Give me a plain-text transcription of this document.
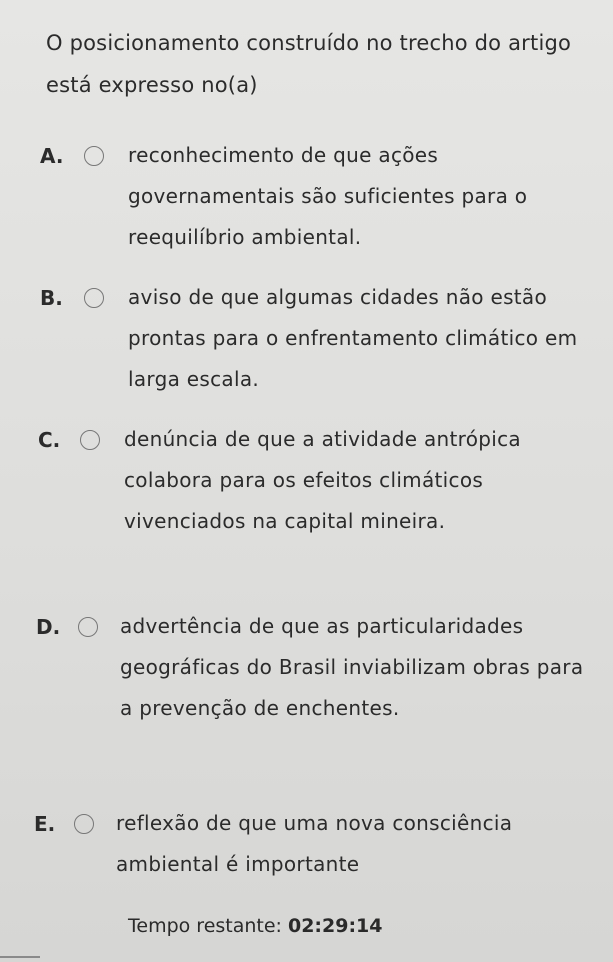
O posicionamento construído no trecho do artigo está expresso no(a)
A.	reconhecimento de que ações governamentais são suficientes para o reequilíbrio ambiental.
B.	aviso de que algumas cidades não estão prontas para o enfrentamento climático em larga escala.
C.	denúncia de que a atividade antrópica colabora para os efeitos climáticos vivenciados na capital mineira.
D.	advertência de que as particularidades geográficas do Brasil inviabilizam obras para a prevenção de enchentes.
E.	reflexão de que uma nova consciência ambiental é importante
Tempo restante: 02:29:14
